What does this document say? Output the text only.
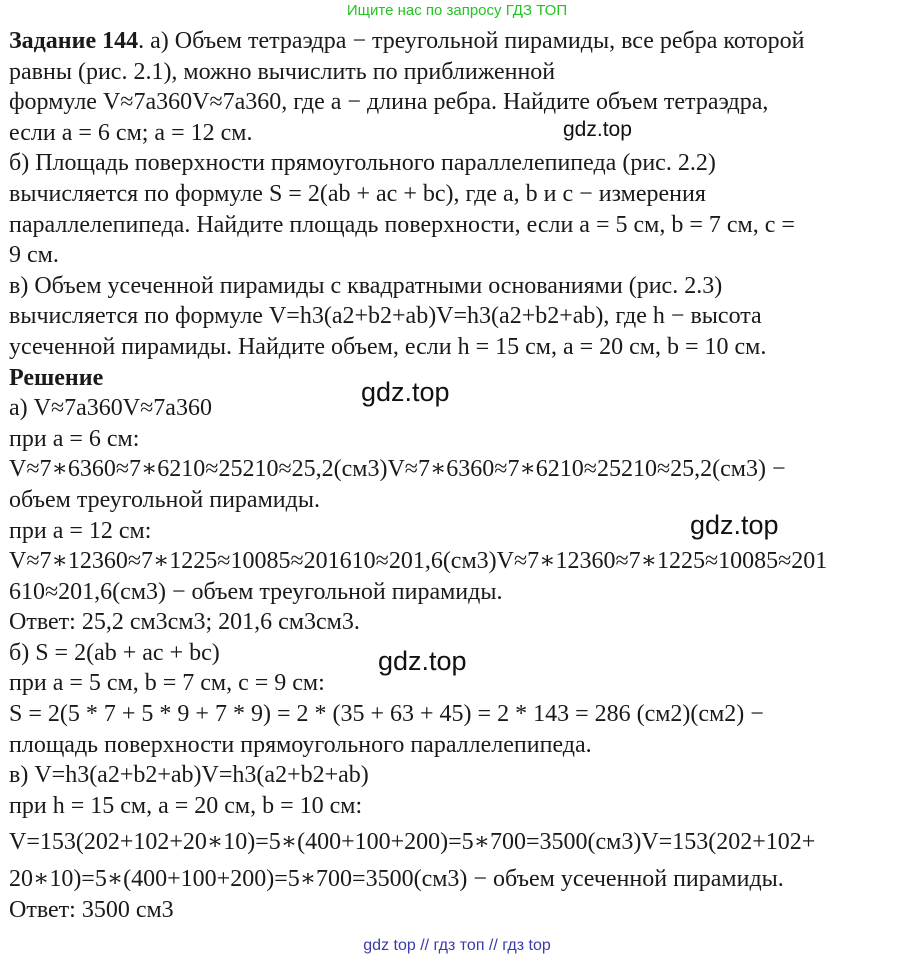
Ищите нас по запросу ГДЗ ТОП
Задание 144. а) Объем тетраэдра − треугольной пирамиды, все ребра которой
равны (рис. 2.1), можно вычислить по приближенной
формуле V≈7a360V≈7a360, где a − длина ребра. Найдите объем тетраэдра,
если a = 6 см; a = 12 см.
б) Площадь поверхности прямоугольного параллелепипеда (рис. 2.2)
вычисляется по формуле S = 2(ab + ac + bc), где a, b и c − измерения
параллелепипеда. Найдите площадь поверхности, если a = 5 см, b = 7 см, c =
9 см.
в) Объем усеченной пирамиды с квадратными основаниями (рис. 2.3)
вычисляется по формуле V=h3(a2+b2+ab)V=h3(a2+b2+ab), где h − высота
усеченной пирамиды. Найдите объем, если h = 15 см, a = 20 см, b = 10 см.
Решение
а) V≈7a360V≈7a360
при a = 6 см:
V≈7∗6360≈7∗6210≈25210≈25,2(см3)V≈7∗6360≈7∗6210≈25210≈25,2(см3) −
объем треугольной пирамиды.
при a = 12 см:
V≈7∗12360≈7∗1225≈10085≈201610≈201,6(см3)V≈7∗12360≈7∗1225≈10085≈201
610≈201,6(см3) − объем треугольной пирамиды.
Ответ: 25,2 см3см3; 201,6 см3см3.
б) S = 2(ab + ac + bc)
при a = 5 см, b = 7 см, c = 9 см:
S = 2(5 * 7 + 5 * 9 + 7 * 9) = 2 * (35 + 63 + 45) = 2 * 143 = 286 (см2)(см2) −
площадь поверхности прямоугольного параллелепипеда.
в) V=h3(a2+b2+ab)V=h3(a2+b2+ab)
при h = 15 см, a = 20 см, b = 10 см:
V=153(202+102+20∗10)=5∗(400+100+200)=5∗700=3500(см3)V=153(202+102+
20∗10)=5∗(400+100+200)=5∗700=3500(см3) − объем усеченной пирамиды.
Ответ: 3500 см3
gdz.top
gdz.top
gdz.top
gdz.top
gdz top // гдз топ // гдз top
